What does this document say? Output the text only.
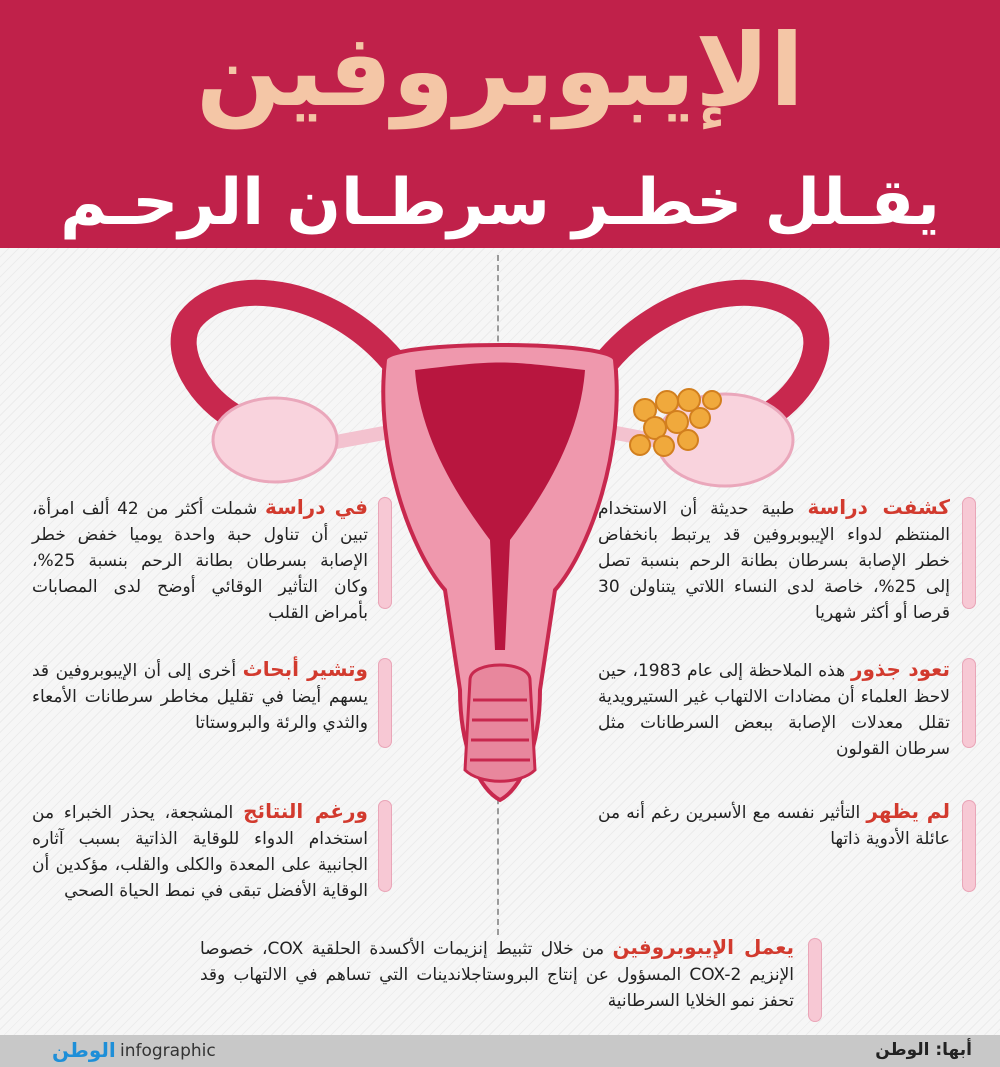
الإيبوبروفين
يقـلل خطـر سرطـان الرحـم
كشفت دراسة طبية حديثة أن الاستخدام المنتظم لدواء الإيبوبروفين قد يرتبط بانخفاض خطر الإصابة بسرطان بطانة الرحم بنسبة تصل إلى 25%، خاصة لدى النساء اللاتي يتناولن 30 قرصا أو أكثر شهريا
تعود جذور هذه الملاحظة إلى عام 1983، حين لاحظ العلماء أن مضادات الالتهاب غير الستيرويدية تقلل معدلات الإصابة ببعض السرطانات مثل سرطان القولون
لم يظهر التأثير نفسه مع الأسبرين رغم أنه من عائلة الأدوية ذاتها
في دراسة شملت أكثر من 42 ألف امرأة، تبين أن تناول حبة واحدة يوميا خفض خطر الإصابة بسرطان بطانة الرحم بنسبة 25%، وكان التأثير الوقائي أوضح لدى المصابات بأمراض القلب
وتشير أبحاث أخرى إلى أن الإيبوبروفين قد يسهم أيضا في تقليل مخاطر سرطانات الأمعاء والثدي والرئة والبروستاتا
ورغم النتائج المشجعة، يحذر الخبراء من استخدام الدواء للوقاية الذاتية بسبب آثاره الجانبية على المعدة والكلى والقلب، مؤكدين أن الوقاية الأفضل تبقى في نمط الحياة الصحي
يعمل الإيبوبروفين من خلال تثبيط إنزيمات الأكسدة الحلقية COX، خصوصا الإنزيم COX-2 المسؤول عن إنتاج البروستاجلاندينات التي تساهم في الالتهاب وقد تحفز نمو الخلايا السرطانية
أبها: الوطن
الوطن infographic
